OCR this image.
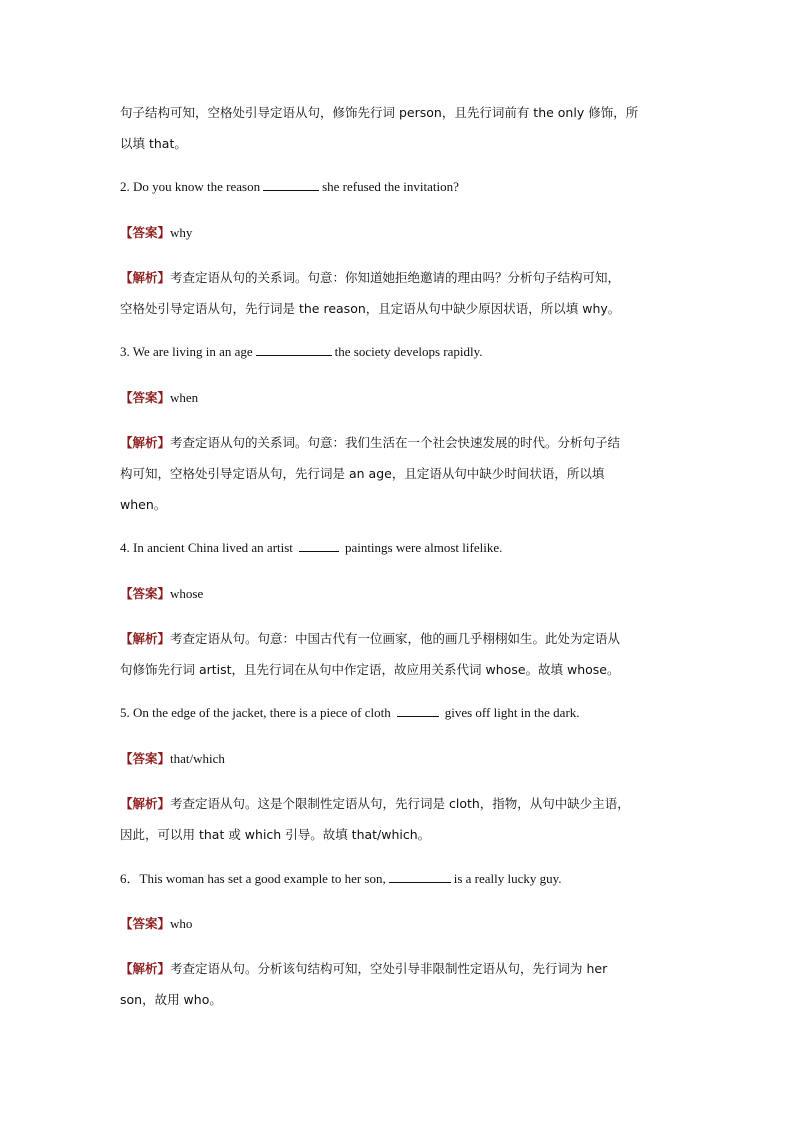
句子结构可知，空格处引导定语从句，修饰先行词 person，且先行词前有 the only 修饰，所
以填 that。
2. Do you know the reason	she refused the invitation?
【答案】why
【解析】考查定语从句的关系词。句意：你知道她拒绝邀请的理由吗？分析句子结构可知，
空格处引导定语从句，先行词是 the reason，且定语从句中缺少原因状语，所以填 why。
3. We are living in an age	the society develops rapidly.
【答案】when
【解析】考查定语从句的关系词。句意：我们生活在一个社会快速发展的时代。分析句子结
构可知，空格处引导定语从句，先行词是 an age，且定语从句中缺少时间状语，所以填
when。
4. In ancient China lived an artist	paintings were almost lifelike.
【答案】whose
【解析】考查定语从句。句意：中国古代有一位画家，他的画几乎栩栩如生。此处为定语从
句修饰先行词 artist，且先行词在从句中作定语，故应用关系代词 whose。故填 whose。
5. On the edge of the jacket, there is a piece of cloth	gives off light in the dark.
【答案】that/which
【解析】考查定语从句。这是个限制性定语从句，先行词是 cloth，指物，从句中缺少主语，
因此，可以用 that 或 which 引导。故填 that/which。
6．This woman has set a good example to her son,	is a really lucky guy.
【答案】who
【解析】考查定语从句。分析该句结构可知，空处引导非限制性定语从句，先行词为 her
son，故用 who。
